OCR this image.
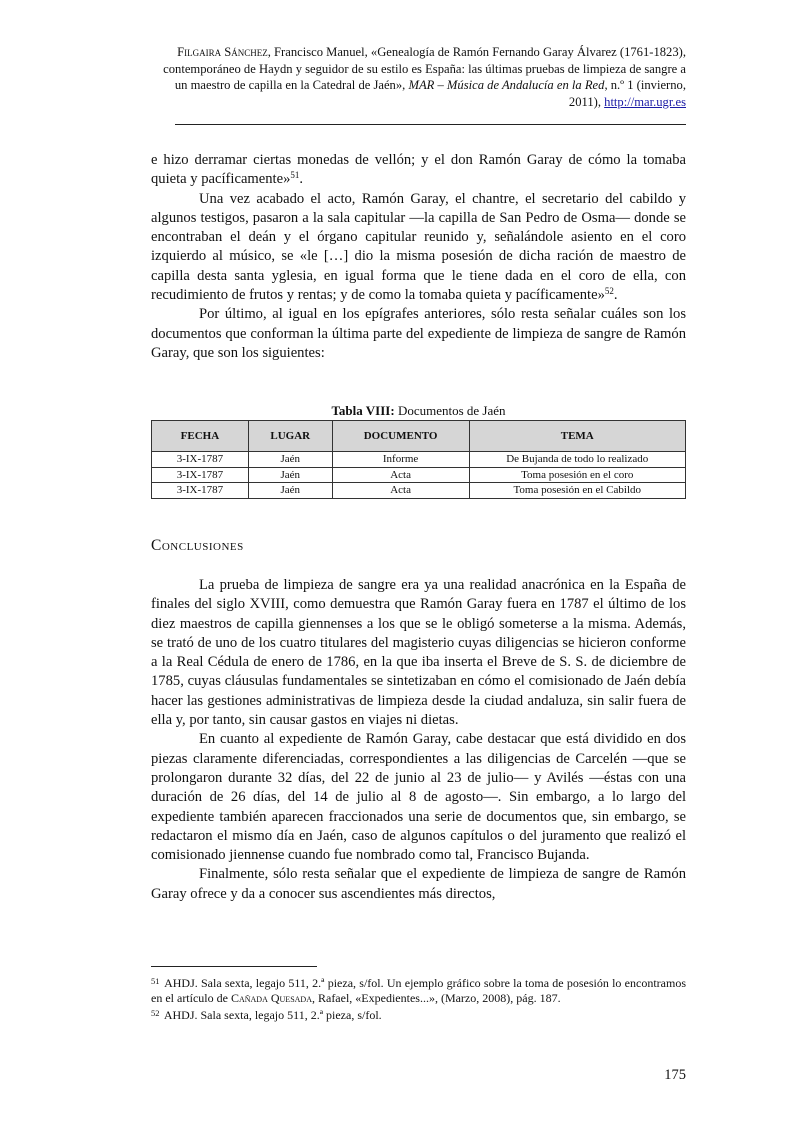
Filgaira Sánchez, Francisco Manuel, «Genealogía de Ramón Fernando Garay Álvarez (1761-1823), contemporáneo de Haydn y seguidor de su estilo es España: las últimas pruebas de limpieza de sangre a un maestro de capilla en la Catedral de Jaén», MAR – Música de Andalucía en la Red, n.º 1 (invierno, 2011), http://mar.ugr.es

e hizo derramar ciertas monedas de vellón; y el don Ramón Garay de cómo la tomaba quieta y pacíficamente»$^{51}$.

Una vez acabado el acto, Ramón Garay, el chantre, el secretario del cabildo y algunos testigos, pasaron a la sala capitular —la capilla de San Pedro de Osma— donde se encontraban el deán y el órgano capitular reunido y, señalándole asiento en el coro izquierdo al músico, se «le […] dio la misma posesión de dicha ración de maestro de capilla desta santa yglesia, en igual forma que le tiene dada en el coro de ella, con recudimiento de frutos y rentas; y de como la tomaba quieta y pacíficamente»$^{52}$.

Por último, al igual en los epígrafes anteriores, sólo resta señalar cuáles son los documentos que conforman la última parte del expediente de limpieza de sangre de Ramón Garay, que son los siguientes:

Tabla VIII: Documentos de Jaén
FECHA	LUGAR	DOCUMENTO	TEMA
3-IX-1787	Jaén	Informe	De Bujanda de todo lo realizado
3-IX-1787	Jaén	Acta	Toma posesión en el coro
3-IX-1787	Jaén	Acta	Toma posesión en el Cabildo
Conclusiones

La prueba de limpieza de sangre era ya una realidad anacrónica en la España de finales del siglo XVIII, como demuestra que Ramón Garay fuera en 1787 el último de los diez maestros de capilla giennenses a los que se le obligó someterse a la misma. Además, se trató de uno de los cuatro titulares del magisterio cuyas diligencias se hicieron conforme a la Real Cédula de enero de 1786, en la que iba inserta el Breve de S. S. de diciembre de 1785, cuyas cláusulas fundamentales se sintetizaban en cómo el comisionado de Jaén debía hacer las gestiones administrativas de limpieza desde la ciudad andaluza, sin salir fuera de ella y, por tanto, sin causar gastos en viajes ni dietas.

En cuanto al expediente de Ramón Garay, cabe destacar que está dividido en dos piezas claramente diferenciadas, correspondientes a las diligencias de Carcelén —que se prolongaron durante 32 días, del 22 de junio al 23 de julio— y Avilés —éstas con una duración de 26 días, del 14 de julio al 8 de agosto—. Sin embargo, a lo largo del expediente también aparecen fraccionados una serie de documentos que, sin embargo, se redactaron el mismo día en Jaén, caso de algunos capítulos o del juramento que realizó el comisionado jiennense cuando fue nombrado como tal, Francisco Bujanda.

Finalmente, sólo resta señalar que el expediente de limpieza de sangre de Ramón Garay ofrece y da a conocer sus ascendientes más directos,

$^{51}$ AHDJ. Sala sexta, legajo 511, 2.ª pieza, s/fol. Un ejemplo gráfico sobre la toma de posesión lo encontramos en el artículo de Cañada Quesada, Rafael, «Expedientes...», (Marzo, 2008), pág. 187.

$^{52}$ AHDJ. Sala sexta, legajo 511, 2.ª pieza, s/fol.

175
